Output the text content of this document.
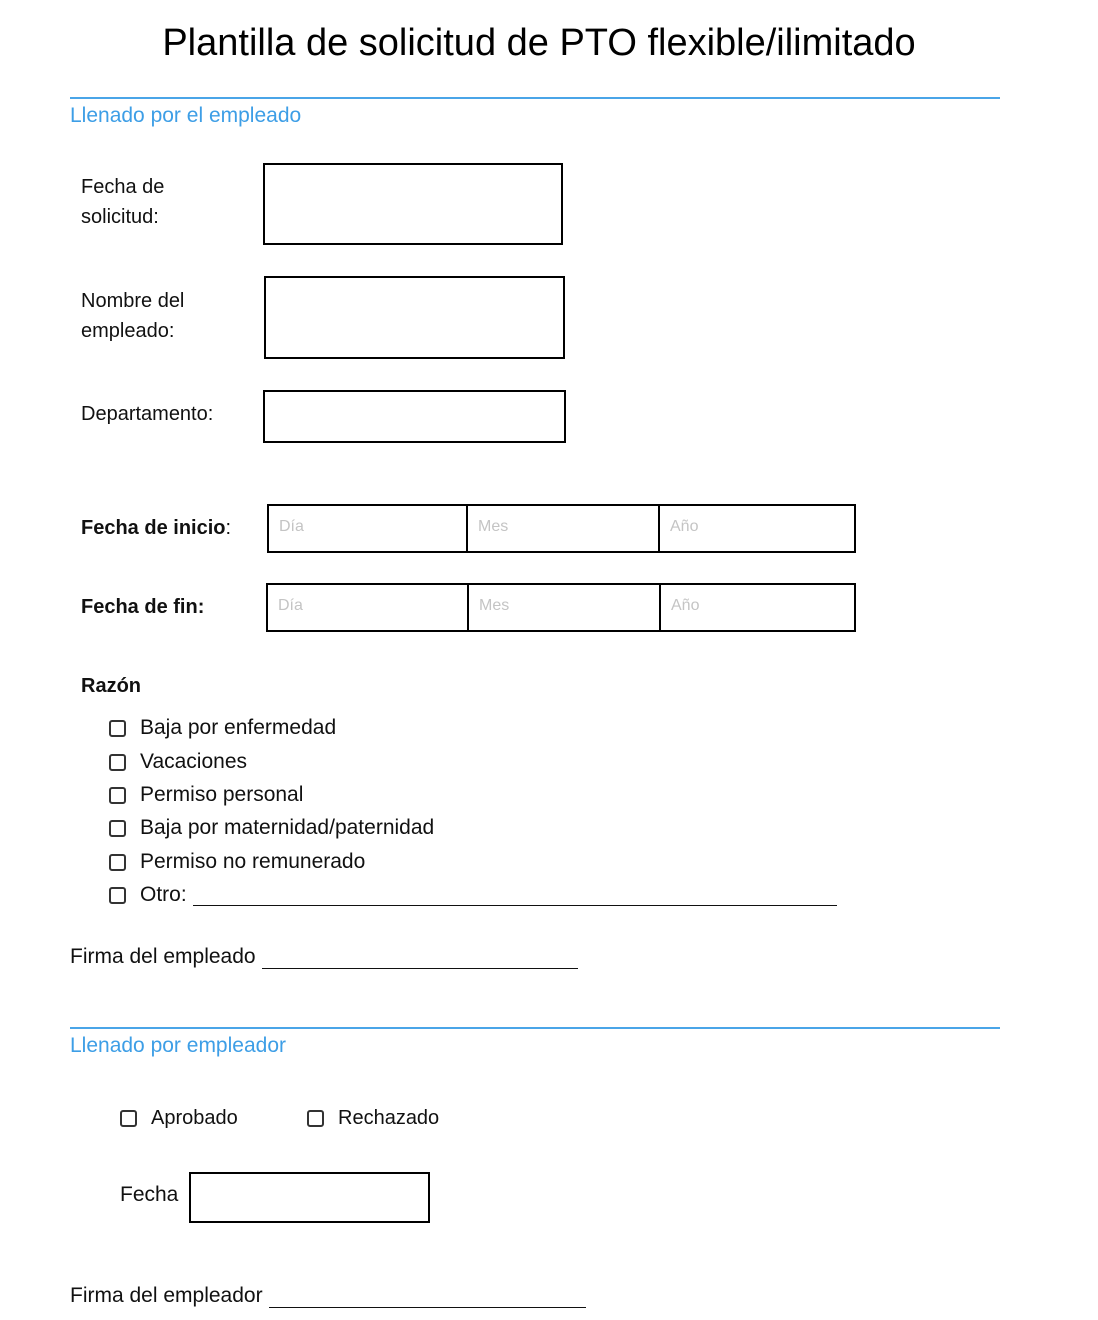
Plantilla de solicitud de PTO flexible/ilimitado
Llenado por el empleado
Fecha de
solicitud:
Nombre del
empleado:
Departamento:
Fecha de inicio:	Día	Mes	Año
Fecha de fin:	Día	Mes	Año
Razón
Baja por enfermedad
Vacaciones
Permiso personal
Baja por maternidad/paternidad
Permiso no remunerado
Otro:
Firma del empleado
Llenado por empleador
Aprobado	Rechazado
Fecha
Firma del empleador
